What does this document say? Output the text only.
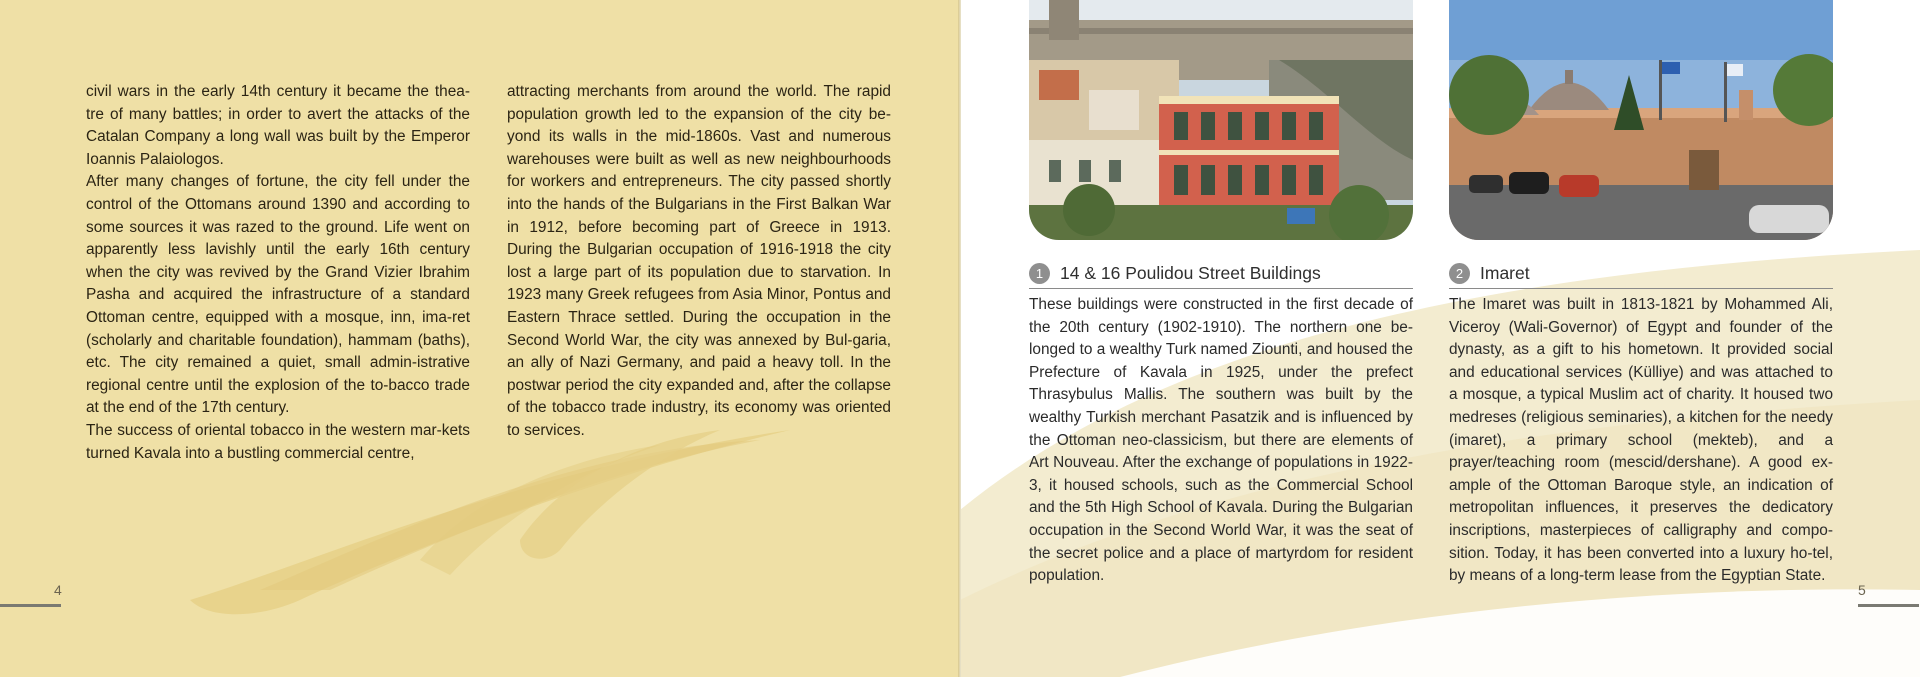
civil wars in the early 14th century it became the thea-tre of many battles; in order to avert the attacks of the Catalan Company a long wall was built by the Emperor Ioannis Palaiologos.

After many changes of fortune, the city fell under the control of the Ottomans around 1390 and according to some sources it was razed to the ground. Life went on apparently less lavishly until the early 16th century when the city was revived by the Grand Vizier Ibrahim Pasha and acquired the infrastructure of a standard Ottoman centre, equipped with a mosque, inn, ima-ret (scholarly and charitable foundation), hammam (baths), etc. The city remained a quiet, small admin-istrative regional centre until the explosion of the to-bacco trade at the end of the 17th century.

The success of oriental tobacco in the western mar-kets turned Kavala into a bustling commercial centre,

attracting merchants from around the world. The rapid population growth led to the expansion of the city be-yond its walls in the mid-1860s. Vast and numerous warehouses were built as well as new neighbourhoods for workers and entrepreneurs. The city passed shortly into the hands of the Bulgarians in the First Balkan War in 1912, before becoming part of Greece in 1913. During the Bulgarian occupation of 1916-1918 the city lost a large part of its population due to starvation. In 1923 many Greek refugees from Asia Minor, Pontus and Eastern Thrace settled. During the occupation in the Second World War, the city was annexed by Bul-garia, an ally of Nazi Germany, and paid a heavy toll. In the postwar period the city expanded and, after the collapse of the tobacco trade industry, its economy was oriented to services.

4
1 14 & 16 Poulidou Street Buildings	2 Imaret

These buildings were constructed in the first decade of the 20th century (1902-1910). The northern one be-longed to a wealthy Turk named Ziounti, and housed the Prefecture of Kavala in 1925, under the prefect Thrasybulus Mallis. The southern was built by the wealthy Turkish merchant Pasatzik and is influenced by the Ottoman neo-classicism, but there are elements of Art Nouveau. After the exchange of populations in 1922-3, it housed schools, such as the Commercial School and the 5th High School of Kavala. During the Bulgarian occupation in the Second World War, it was the seat of the secret police and a place of martyrdom for resident population.

The Imaret was built in 1813-1821 by Mohammed Ali, Viceroy (Wali-Governor) of Egypt and founder of the dynasty, as a gift to his hometown. It provided social and educational services (Külliye) and was attached to a mosque, a typical Muslim act of charity. It housed two medreses (religious seminaries), a kitchen for the needy (imaret), a primary school (mekteb), and a prayer/teaching room (mescid/dershane). A good ex-ample of the Ottoman Baroque style, an indication of metropolitan influences, it preserves the dedicatory inscriptions, masterpieces of calligraphy and compo-sition. Today, it has been converted into a luxury ho-tel, by means of a long-term lease from the Egyptian State.

5
